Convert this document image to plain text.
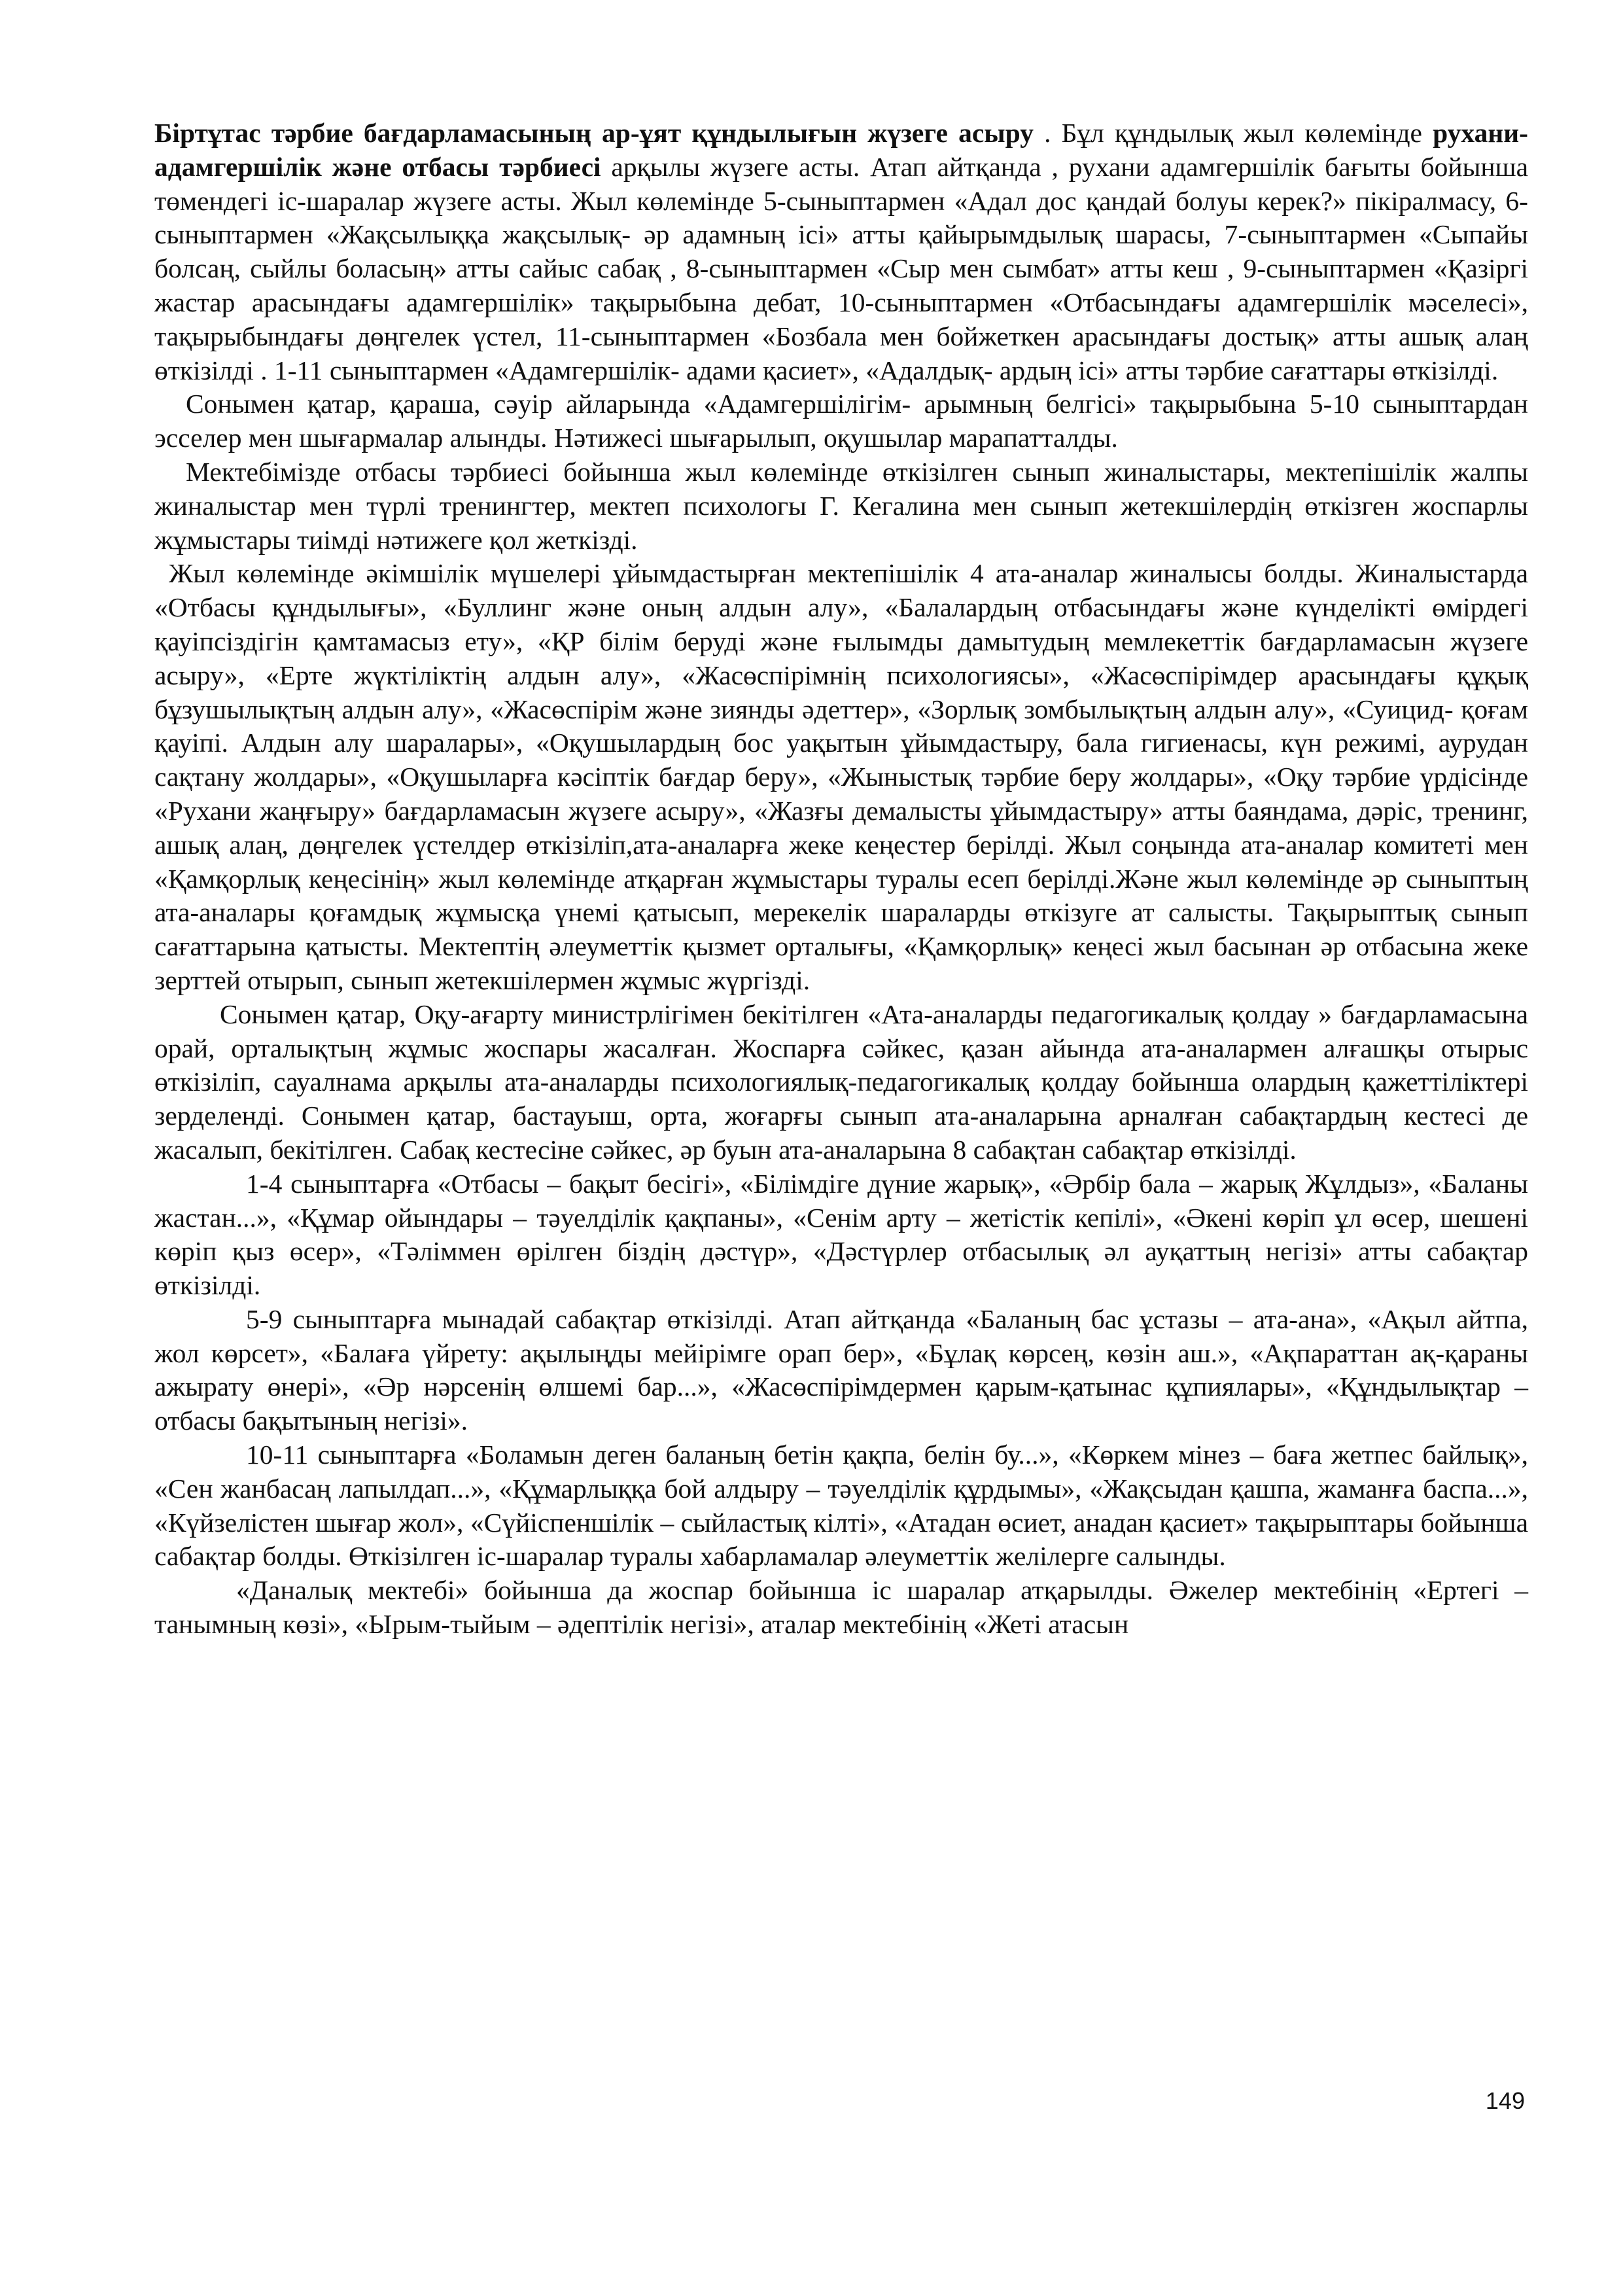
Біртұтас тәрбие бағдарламасының ар-ұят құндылығын жүзеге асыру . Бұл құндылық жыл көлемінде рухани-адамгершілік және отбасы тәрбиесі арқылы жүзеге асты. Атап айтқанда , рухани адамгершілік бағыты бойынша төмендегі іс-шаралар жүзеге асты. Жыл көлемінде 5-сыныптармен «Адал дос қандай болуы керек?» пікіралмасу, 6-сыныптармен «Жақсылыққа жақсылық- әр адамның ісі» атты қайырымдылық шарасы, 7-сыныптармен «Сыпайы болсаң, сыйлы боласың» атты сайыс сабақ , 8-сыныптармен «Сыр мен сымбат» атты кеш , 9-сыныптармен «Қазіргі жастар арасындағы адамгершілік» тақырыбына дебат, 10-сыныптармен «Отбасындағы адамгершілік мәселесі», тақырыбындағы дөңгелек үстел, 11-сыныптармен «Бозбала мен бойжеткен арасындағы достық» атты ашық алаң өткізілді . 1-11 сыныптармен «Адамгершілік- адами қасиет», «Адалдық- ардың ісі» атты тәрбие сағаттары өткізілді.

Сонымен қатар, қараша, сәуір айларында «Адамгершілігім- арымның белгісі» тақырыбына 5-10 сыныптардан эсселер мен шығармалар алынды. Нәтижесі шығарылып, оқушылар марапатталды.

Мектебімізде отбасы тәрбиесі бойынша жыл көлемінде өткізілген сынып жиналыстары, мектепішілік жалпы жиналыстар мен түрлі тренингтер, мектеп психологы Г. Кегалина мен сынып жетекшілердің өткізген жоспарлы жұмыстары тиімді нәтижеге қол жеткізді.

Жыл көлемінде әкімшілік мүшелері ұйымдастырған мектепішілік 4 ата-аналар жиналысы болды. Жиналыстарда «Отбасы құндылығы», «Буллинг және оның алдын алу», «Балалардың отбасындағы және күнделікті өмірдегі қауіпсіздігін қамтамасыз ету», «ҚР білім беруді және ғылымды дамытудың мемлекеттік бағдарламасын жүзеге асыру», «Ерте жүктіліктің алдын алу», «Жасөспірімнің психологиясы», «Жасөспірімдер арасындағы құқық бұзушылықтың алдын алу», «Жасөспірім және зиянды әдеттер», «Зорлық зомбылықтың алдын алу», «Суицид- қоғам қауіпі. Алдын алу шаралары», «Оқушылардың бос уақытын ұйымдастыру, бала гигиенасы, күн режимі, аурудан сақтану жолдары», «Оқушыларға кәсіптік бағдар беру», «Жыныстық тәрбие беру жолдары», «Оқу тәрбие үрдісінде «Рухани жаңғыру» бағдарламасын жүзеге асыру», «Жазғы демалысты ұйымдастыру» атты баяндама, дәріс, тренинг, ашық алаң, дөңгелек үстелдер өткізіліп,ата-аналарға жеке кеңестер берілді. Жыл соңында ата-аналар комитеті мен «Қамқорлық кеңесінің» жыл көлемінде атқарған жұмыстары туралы есеп берілді.Және жыл көлемінде әр сыныптың ата-аналары қоғамдық жұмысқа үнемі қатысып, мерекелік шараларды өткізуге ат салысты. Тақырыптық сынып сағаттарына қатысты. Мектептің әлеуметтік қызмет орталығы, «Қамқорлық» кеңесі жыл басынан әр отбасына жеке зерттей отырып, сынып жетекшілермен жұмыс жүргізді.

Сонымен қатар, Оқу-ағарту министрлігімен бекітілген «Ата-аналарды педагогикалық қолдау » бағдарламасына орай, орталықтың жұмыс жоспары жасалған. Жоспарға сәйкес, қазан айында ата-аналармен алғашқы отырыс өткізіліп, сауалнама арқылы ата-аналарды психологиялық-педагогикалық қолдау бойынша олардың қажеттіліктері зерделенді. Сонымен қатар, бастауыш, орта, жоғарғы сынып ата-аналарына арналған сабақтардың кестесі де жасалып, бекітілген. Сабақ кестесіне сәйкес, әр буын ата-аналарына 8 сабақтан сабақтар өткізілді.

1-4 сыныптарға «Отбасы – бақыт бесігі», «Білімдіге дүние жарық», «Әрбір бала – жарық Жұлдыз», «Баланы жастан...», «Құмар ойындары – тәуелділік қақпаны», «Сенім арту – жетістік кепілі», «Әкені көріп ұл өсер, шешені көріп қыз өсер», «Тәліммен өрілген біздің дәстүр», «Дәстүрлер отбасылық әл ауқаттың негізі» атты сабақтар өткізілді.

5-9 сыныптарға мынадай сабақтар өткізілді. Атап айтқанда «Баланың бас ұстазы – ата-ана», «Ақыл айтпа, жол көрсет», «Балаға үйрету: ақылыңды мейірімге орап бер», «Бұлақ көрсең, көзін аш.», «Ақпараттан ақ-қараны ажырату өнері», «Әр нәрсенің өлшемі бар...», «Жасөспірімдермен қарым-қатынас құпиялары», «Құндылықтар – отбасы бақытының негізі».

10-11 сыныптарға «Боламын деген баланың бетін қақпа, белін бу...», «Көркем мінез – баға жетпес байлық», «Сен жанбасаң лапылдап...», «Құмарлыққа бой алдыру – тәуелділік құрдымы», «Жақсыдан қашпа, жаманға баспа...», «Күйзелістен шығар жол», «Сүйіспеншілік – сыйластық кілті», «Атадан өсиет, анадан қасиет» тақырыптары бойынша сабақтар болды. Өткізілген іс-шаралар туралы хабарламалар әлеуметтік желілерге салынды.

«Даналық мектебі» бойынша да жоспар бойынша іс шаралар атқарылды. Әжелер мектебінің «Ертегі – танымның көзі», «Ырым-тыйым – әдептілік негізі», аталар мектебінің «Жеті атасын

149
